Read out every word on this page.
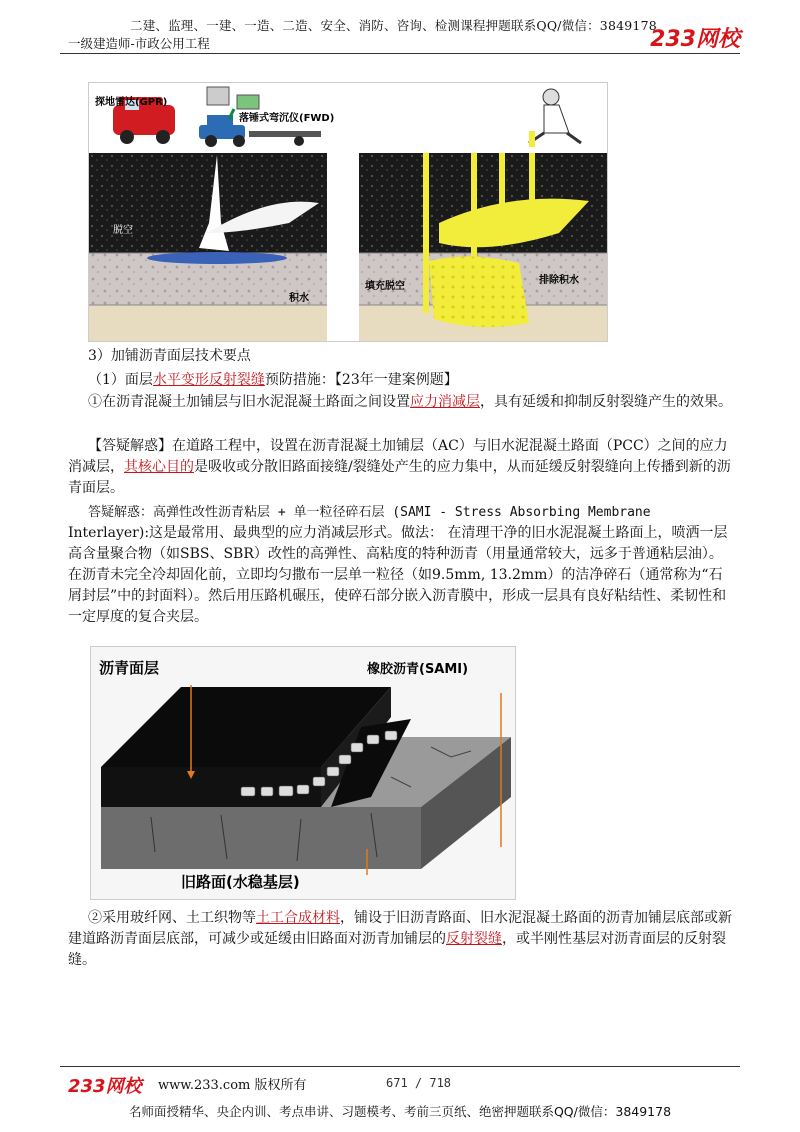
二建、监理、一建、一造、二造、安全、消防、咨询、检测课程押题联系QQ/微信：3849178
一级建造师-市政公用工程	233网校
探地雷达(GPR)
落锤式弯沉仪(FWD)
脱空
积水
填充脱空
排除积水
3）加铺沥青面层技术要点
（1）面层水平变形反射裂缝预防措施：【23年一建案例题】
①在沥青混凝土加铺层与旧水泥混凝土路面之间设置应力消减层，具有延缓和抑制反射裂缝产生的效果。
【答疑解惑】在道路工程中，设置在沥青混凝土加铺层（AC）与旧水泥混凝土路面（PCC）之间的应力消减层，其核心目的是吸收或分散旧路面接缝/裂缝处产生的应力集中，从而延缓反射裂缝向上传播到新的沥青面层。
答疑解惑：高弹性改性沥青粘层 + 单一粒径碎石层 (SAMI - Stress Absorbing Membrane
Interlayer):这是最常用、最典型的应力消减层形式。做法： 在清理干净的旧水泥混凝土路面上，喷洒一层高含量聚合物（如SBS、SBR）改性的高弹性、高粘度的特种沥青（用量通常较大，远多于普通粘层油）。在沥青未完全冷却固化前，立即均匀撒布一层单一粒径（如9.5mm, 13.2mm）的洁净碎石（通常称为“石屑封层”中的封面料）。然后用压路机碾压，使碎石部分嵌入沥青膜中，形成一层具有良好粘结性、柔韧性和一定厚度的复合夹层。
沥青面层	橡胶沥青(SAMI)
旧路面(水稳基层)
②采用玻纤网、土工织物等土工合成材料，铺设于旧沥青路面、旧水泥混凝土路面的沥青加铺层底部或新建道路沥青面层底部，可减少或延缓由旧路面对沥青加铺层的反射裂缝，或半刚性基层对沥青面层的反射裂缝。
233网校 www.233.com 版权所有	671 / 718
名师面授精华、央企内训、考点串讲、习题模考、考前三页纸、绝密押题联系QQ/微信：3849178
